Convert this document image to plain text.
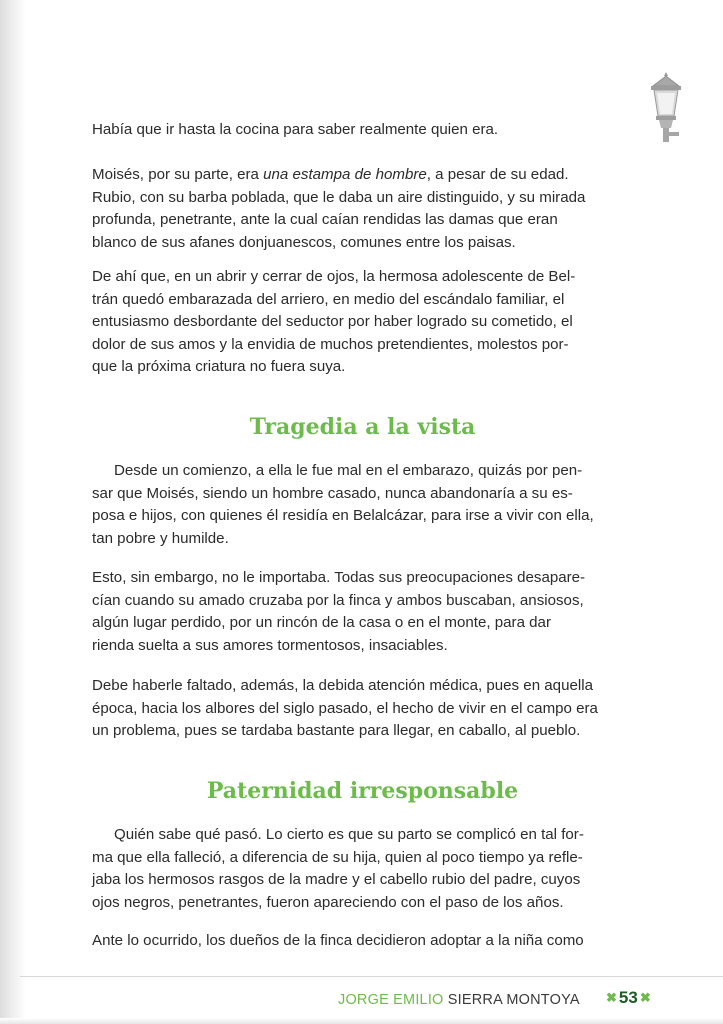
Había que ir hasta la cocina para saber realmente quien era.
Moisés, por su parte, era una estampa de hombre, a pesar de su edad.
Rubio, con su barba poblada, que le daba un aire distinguido, y su mirada
profunda, penetrante, ante la cual caían rendidas las damas que eran
blanco de sus afanes donjuanescos, comunes entre los paisas.
De ahí que, en un abrir y cerrar de ojos, la hermosa adolescente de Bel-
trán quedó embarazada del arriero, en medio del escándalo familiar, el
entusiasmo desbordante del seductor por haber logrado su cometido, el
dolor de sus amos y la envidia de muchos pretendientes, molestos por-
que la próxima criatura no fuera suya.
Tragedia a la vista
Desde un comienzo, a ella le fue mal en el embarazo, quizás por pen-
sar que Moisés, siendo un hombre casado, nunca abandonaría a su es-
posa e hijos, con quienes él residía en Belalcázar, para irse a vivir con ella,
tan pobre y humilde.
Esto, sin embargo, no le importaba. Todas sus preocupaciones desapare-
cían cuando su amado cruzaba por la finca y ambos buscaban, ansiosos,
algún lugar perdido, por un rincón de la casa o en el monte, para dar
rienda suelta a sus amores tormentosos, insaciables.
Debe haberle faltado, además, la debida atención médica, pues en aquella
época, hacia los albores del siglo pasado, el hecho de vivir en el campo era
un problema, pues se tardaba bastante para llegar, en caballo, al pueblo.
Paternidad irresponsable
Quién sabe qué pasó. Lo cierto es que su parto se complicó en tal for-
ma que ella falleció, a diferencia de su hija, quien al poco tiempo ya refle-
jaba los hermosos rasgos de la madre y el cabello rubio del padre, cuyos
ojos negros, penetrantes, fueron apareciendo con el paso de los años.
Ante lo ocurrido, los dueños de la finca decidieron adoptar a la niña como
JORGE EMILIO SIERRA MONTOYA ✖ 53 ✖
